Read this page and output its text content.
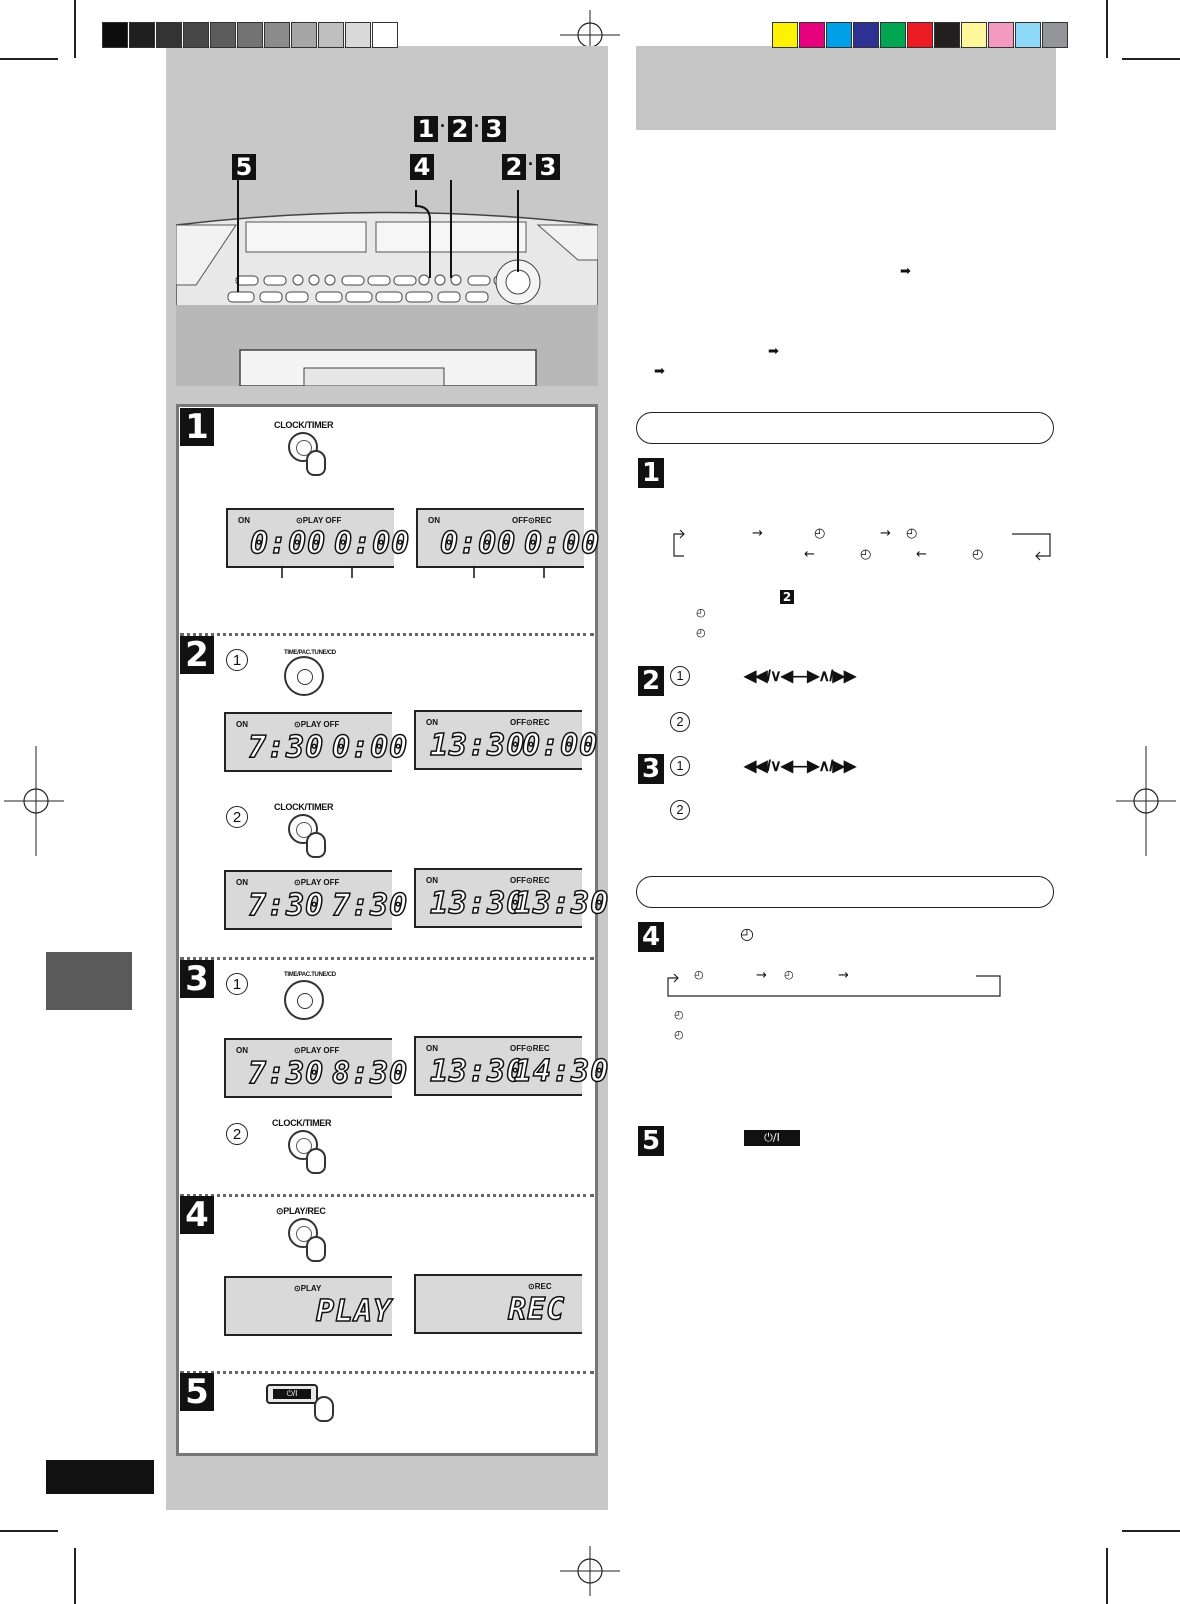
1 · 2 · 3
5	4	2 · 3
1	CLOCK/TIMER
ON	⊙PLAY OFF
0:00 0:00
ON	OFF⊙REC
0:00 0:00
2	1	TIME/PAC.TUNE/CD
ON	⊙PLAY OFF
7:30 0:00
ON	OFF⊙REC
13:30
0:00
2
CLOCK/TIMER
ON	⊙PLAY OFF
7:30 7:30
ON	OFF⊙REC
13:30
13:30
3	1
TIME/PAC.TUNE/CD
ON	⊙PLAY OFF
7:30 8:30
ON	OFF⊙REC
13:30
14:30
2
CLOCK/TIMER
4	⊙PLAY/REC
⊙PLAY
PLAY
⊙REC
REC
5	⏻/I
➡
➡
➡
1
→	◴	→ ◴
←	◴	←	◴
2
◴
◴
2	1	◀◀/∨◀—▶∧/▶▶
2
3	1	◀◀/∨◀—▶∧/▶▶
2
4	◴
◴	→ ◴	→
◴
◴
5	⏻/I
